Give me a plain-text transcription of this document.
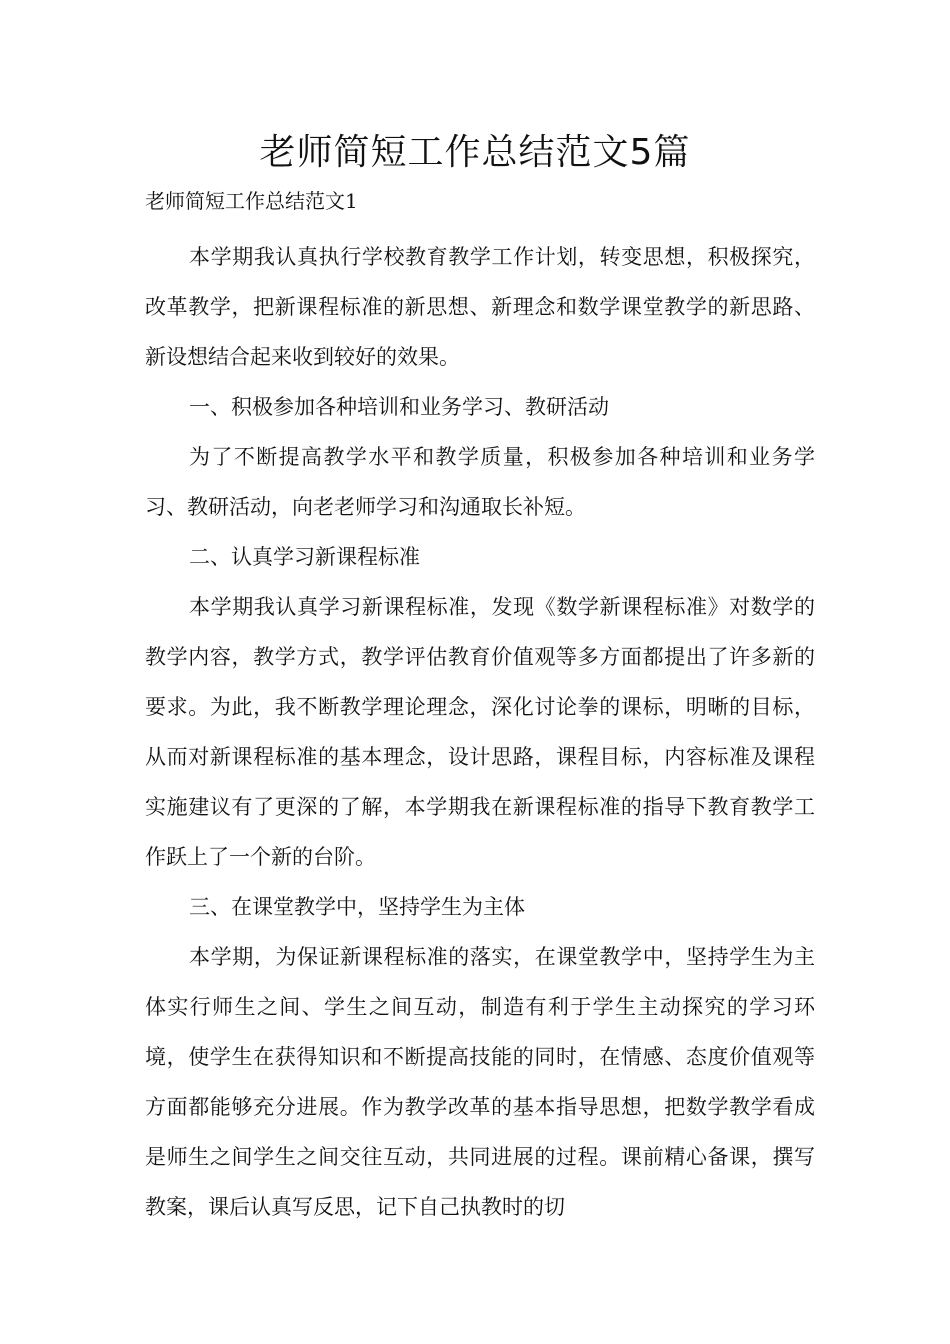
老师简短工作总结范文5篇

老师简短工作总结范文1

本学期我认真执行学校教育教学工作计划，转变思想，积极探究，改革教学，把新课程标准的新思想、新理念和数学课堂教学的新思路、新设想结合起来收到较好的效果。

一、积极参加各种培训和业务学习、教研活动

为了不断提高教学水平和教学质量，积极参加各种培训和业务学习、教研活动，向老老师学习和沟通取长补短。

二、认真学习新课程标准

本学期我认真学习新课程标准，发现《数学新课程标准》对数学的教学内容，教学方式，教学评估教育价值观等多方面都提出了许多新的要求。为此，我不断教学理论理念，深化讨论拳的课标，明晰的目标，从而对新课程标准的基本理念，设计思路，课程目标，内容标准及课程实施建议有了更深的了解，本学期我在新课程标准的指导下教育教学工作跃上了一个新的台阶。

三、在课堂教学中，坚持学生为主体

本学期，为保证新课程标准的落实，在课堂教学中，坚持学生为主体实行师生之间、学生之间互动，制造有利于学生主动探究的学习环境，使学生在获得知识和不断提高技能的同时，在情感、态度价值观等方面都能够充分进展。作为教学改革的基本指导思想，把数学教学看成是师生之间学生之间交往互动，共同进展的过程。课前精心备课，撰写教案，课后认真写反思，记下自己执教时的切
